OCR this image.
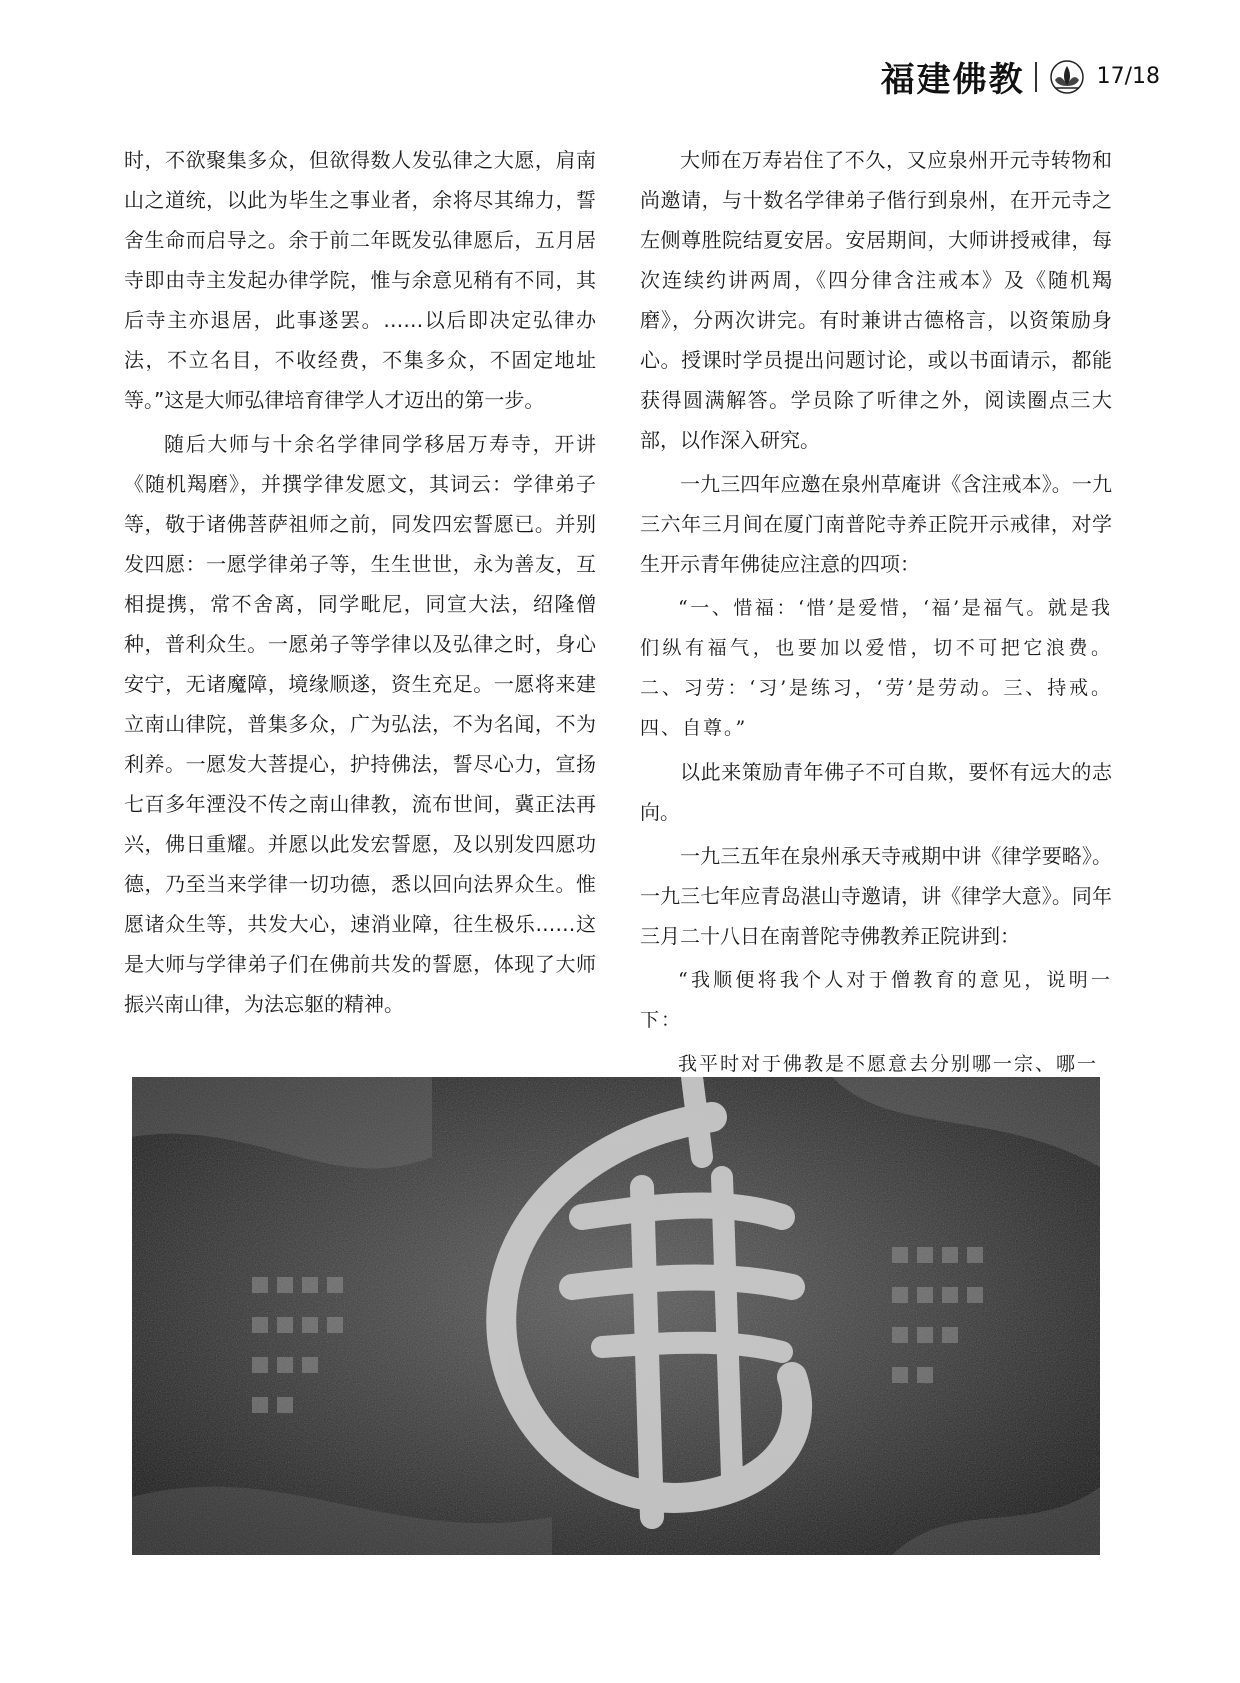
福建佛教	17/18

时，不欲聚集多众，但欲得数人发弘律之大愿，肩南山之道统，以此为毕生之事业者，余将尽其绵力，誓舍生命而启导之。余于前二年既发弘律愿后，五月居寺即由寺主发起办律学院，惟与余意见稍有不同，其后寺主亦退居，此事遂罢。……以后即决定弘律办法，不立名目，不收经费，不集多众，不固定地址等。”这是大师弘律培育律学人才迈出的第一步。

随后大师与十余名学律同学移居万寿寺，开讲《随机羯磨》，并撰学律发愿文，其词云：学律弟子等，敬于诸佛菩萨祖师之前，同发四宏誓愿已。并别发四愿：一愿学律弟子等，生生世世，永为善友，互相提携，常不舍离，同学毗尼，同宣大法，绍隆僧种，普利众生。一愿弟子等学律以及弘律之时，身心安宁，无诸魔障，境缘顺遂，资生充足。一愿将来建立南山律院，普集多众，广为弘法，不为名闻，不为利养。一愿发大菩提心，护持佛法，誓尽心力，宣扬七百多年湮没不传之南山律教，流布世间，冀正法再兴，佛日重耀。并愿以此发宏誓愿，及以别发四愿功德，乃至当来学律一切功德，悉以回向法界众生。惟愿诸众生等，共发大心，速消业障，往生极乐……这是大师与学律弟子们在佛前共发的誓愿，体现了大师振兴南山律，为法忘躯的精神。

大师在万寿岩住了不久，又应泉州开元寺转物和尚邀请，与十数名学律弟子偕行到泉州，在开元寺之左侧尊胜院结夏安居。安居期间，大师讲授戒律，每次连续约讲两周，《四分律含注戒本》及《随机羯磨》，分两次讲完。有时兼讲古德格言，以资策励身心。授课时学员提出问题讨论，或以书面请示，都能获得圆满解答。学员除了听律之外，阅读圈点三大部，以作深入研究。

一九三四年应邀在泉州草庵讲《含注戒本》。一九三六年三月间在厦门南普陀寺养正院开示戒律，对学生开示青年佛徒应注意的四项：

“一、惜福：‘惜’是爱惜，‘福’是福气。就是我们纵有福气，也要加以爱惜，切不可把它浪费。二、习劳：‘习’是练习，‘劳’是劳动。三、持戒。四、自尊。”

以此来策励青年佛子不可自欺，要怀有远大的志向。

一九三五年在泉州承天寺戒期中讲《律学要略》。一九三七年应青岛湛山寺邀请，讲《律学大意》。同年三月二十八日在南普陀寺佛教养正院讲到：

“我顺便将我个人对于僧教育的意见，说明一下：

我平时对于佛教是不愿意去分别哪一宗、哪一
